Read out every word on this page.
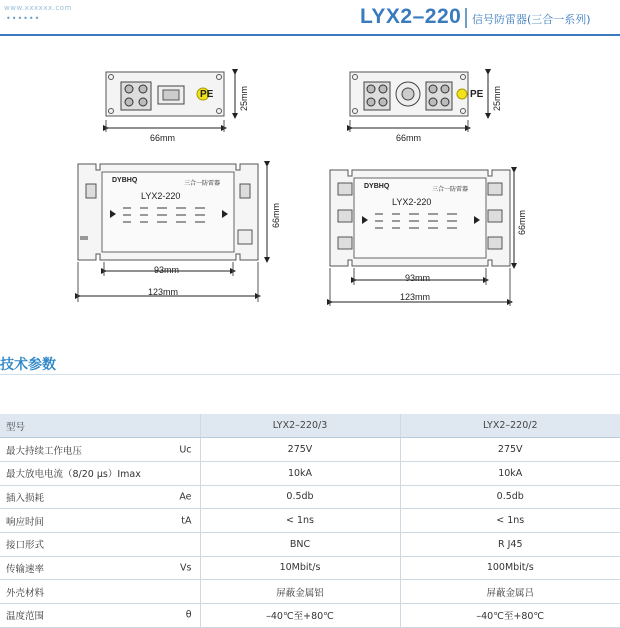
www.xxxxxx.com
••••••	LYX2–220 信号防雷器(三合一系列)
PE
66mm
25mm	PE
66mm
25mm
DYBHQ	三合一防雷器
LYX2-220
93mm
123mm
66mm
DYBHQ	三合一防雷器
LYX2-220
93mm
123mm
66mm
技术参数
型号	LYX2–220/3	LYX2–220/2
最大持续工作电压 Uc	275V	275V
最大放电电流（8/20 μs）Imax	10kA	10kA
插入损耗 Ae	0.5db	0.5db
响应时间 tA	< 1ns	< 1ns
接口形式	BNC	R J45
传输速率 Vs	10Mbit/s	100Mbit/s
外壳材料	屏蔽金属铝	屏蔽金属吕
温度范围 θ	–40℃至+80℃	–40℃至+80℃
